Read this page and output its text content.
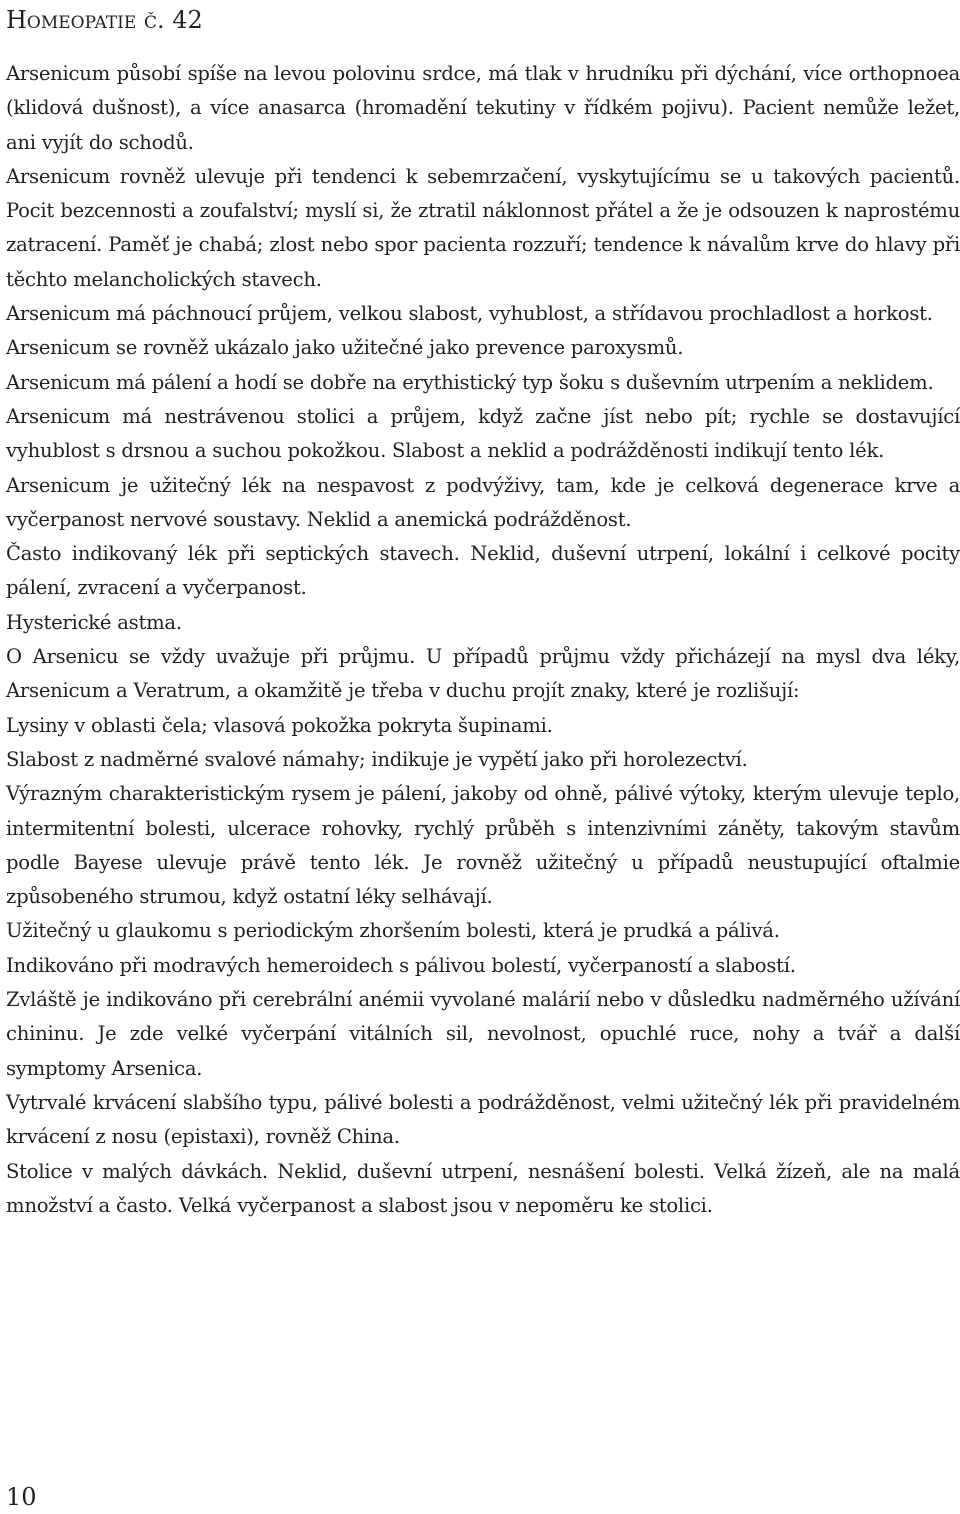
Homeopatie č. 42

Arsenicum působí spíše na levou polovinu srdce, má tlak v hrudníku při dýchání, více orthopnoea (klidová dušnost), a více anasarca (hromadění tekutiny v řídkém pojivu). Pacient nemůže ležet, ani vyjít do schodů.

Arsenicum rovněž ulevuje při tendenci k sebemrzačení, vyskytujícímu se u takových pacientů. Pocit bezcennosti a zoufalství; myslí si, že ztratil náklonnost přátel a že je odsouzen k naprostému zatracení. Paměť je chabá; zlost nebo spor pacienta rozzuří; tendence k návalům krve do hlavy při těchto melancholických stavech.

Arsenicum má páchnoucí průjem, velkou slabost, vyhublost, a střídavou prochladlost a horkost.

Arsenicum se rovněž ukázalo jako užitečné jako prevence paroxysmů.

Arsenicum má pálení a hodí se dobře na erythistický typ šoku s duševním utrpením a neklidem.

Arsenicum má nestrávenou stolici a průjem, když začne jíst nebo pít; rychle se dostavující vyhublost s drsnou a suchou pokožkou. Slabost a neklid a podrážděnosti indikují tento lék.

Arsenicum je užitečný lék na nespavost z podvýživy, tam, kde je celková degenerace krve a vyčerpanost nervové soustavy. Neklid a anemická podrážděnost.

Často indikovaný lék při septických stavech. Neklid, duševní utrpení, lokální i celkové pocity pálení, zvracení a vyčerpanost.

Hysterické astma.

O Arsenicu se vždy uvažuje při průjmu. U případů průjmu vždy přicházejí na mysl dva léky, Arsenicum a Veratrum, a okamžitě je třeba v duchu projít znaky, které je rozlišují:

Lysiny v oblasti čela; vlasová pokožka pokryta šupinami.

Slabost z nadměrné svalové námahy; indikuje je vypětí jako při horolezectví.

Výrazným charakteristickým rysem je pálení, jakoby od ohně, pálivé výtoky, kterým ulevuje teplo, intermitentní bolesti, ulcerace rohovky, rychlý průběh s intenzivními záněty, takovým stavům podle Bayese ulevuje právě tento lék. Je rovněž užitečný u případů neustupující oftalmie způsobeného strumou, když ostatní léky selhávají.

Užitečný u glaukomu s periodickým zhoršením bolesti, která je prudká a pálivá.

Indikováno při modravých hemeroidech s pálivou bolestí, vyčerpaností a slabostí.

Zvláště je indikováno při cerebrální anémii vyvolané malárií nebo v důsledku nadměrného užívání chininu. Je zde velké vyčerpání vitálních sil, nevolnost, opuchlé ruce, nohy a tvář a další symptomy Arsenica.

Vytrvalé krvácení slabšího typu, pálivé bolesti a podrážděnost, velmi užitečný lék při pravidelném krvácení z nosu (epistaxi), rovněž China.

Stolice v malých dávkách. Neklid, duševní utrpení, nesnášení bolesti. Velká žízeň, ale na malá množství a často. Velká vyčerpanost a slabost jsou v nepoměru ke stolici.

10
